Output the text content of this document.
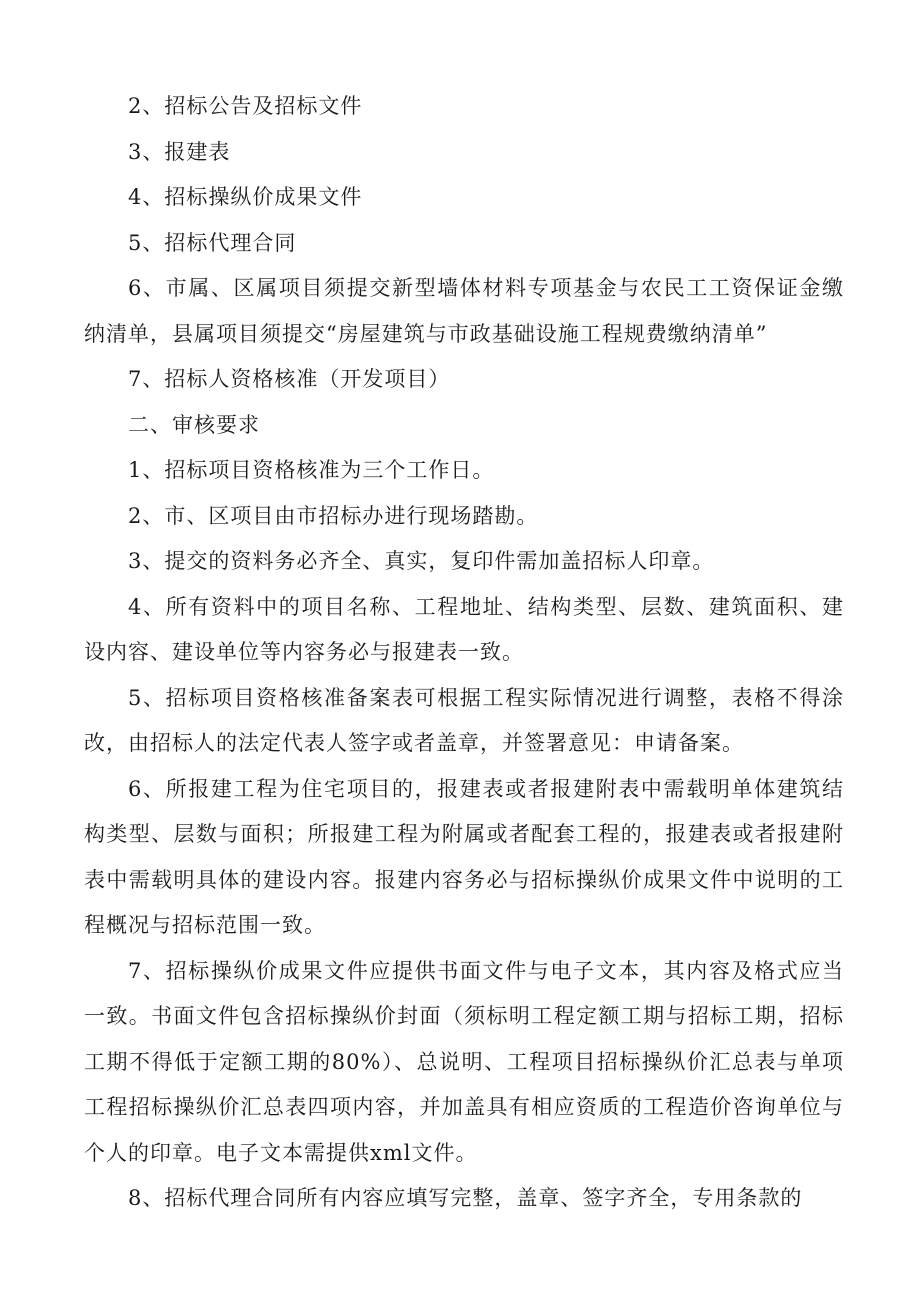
2、招标公告及招标文件

3、报建表

4、招标操纵价成果文件

5、招标代理合同

6、市属、区属项目须提交新型墙体材料专项基金与农民工工资保证金缴纳清单，县属项目须提交“房屋建筑与市政基础设施工程规费缴纳清单”

7、招标人资格核准（开发项目）

二、审核要求

1、招标项目资格核准为三个工作日。

2、市、区项目由市招标办进行现场踏勘。

3、提交的资料务必齐全、真实，复印件需加盖招标人印章。

4、所有资料中的项目名称、工程地址、结构类型、层数、建筑面积、建设内容、建设单位等内容务必与报建表一致。

5、招标项目资格核准备案表可根据工程实际情况进行调整，表格不得涂改，由招标人的法定代表人签字或者盖章，并签署意见：申请备案。

6、所报建工程为住宅项目的，报建表或者报建附表中需载明单体建筑结构类型、层数与面积；所报建工程为附属或者配套工程的，报建表或者报建附表中需载明具体的建设内容。报建内容务必与招标操纵价成果文件中说明的工程概况与招标范围一致。

7、招标操纵价成果文件应提供书面文件与电子文本，其内容及格式应当一致。书面文件包含招标操纵价封面（须标明工程定额工期与招标工期，招标工期不得低于定额工期的80%）、总说明、工程项目招标操纵价汇总表与单项工程招标操纵价汇总表四项内容，并加盖具有相应资质的工程造价咨询单位与个人的印章。电子文本需提供xml文件。

8、招标代理合同所有内容应填写完整，盖章、签字齐全，专用条款的
